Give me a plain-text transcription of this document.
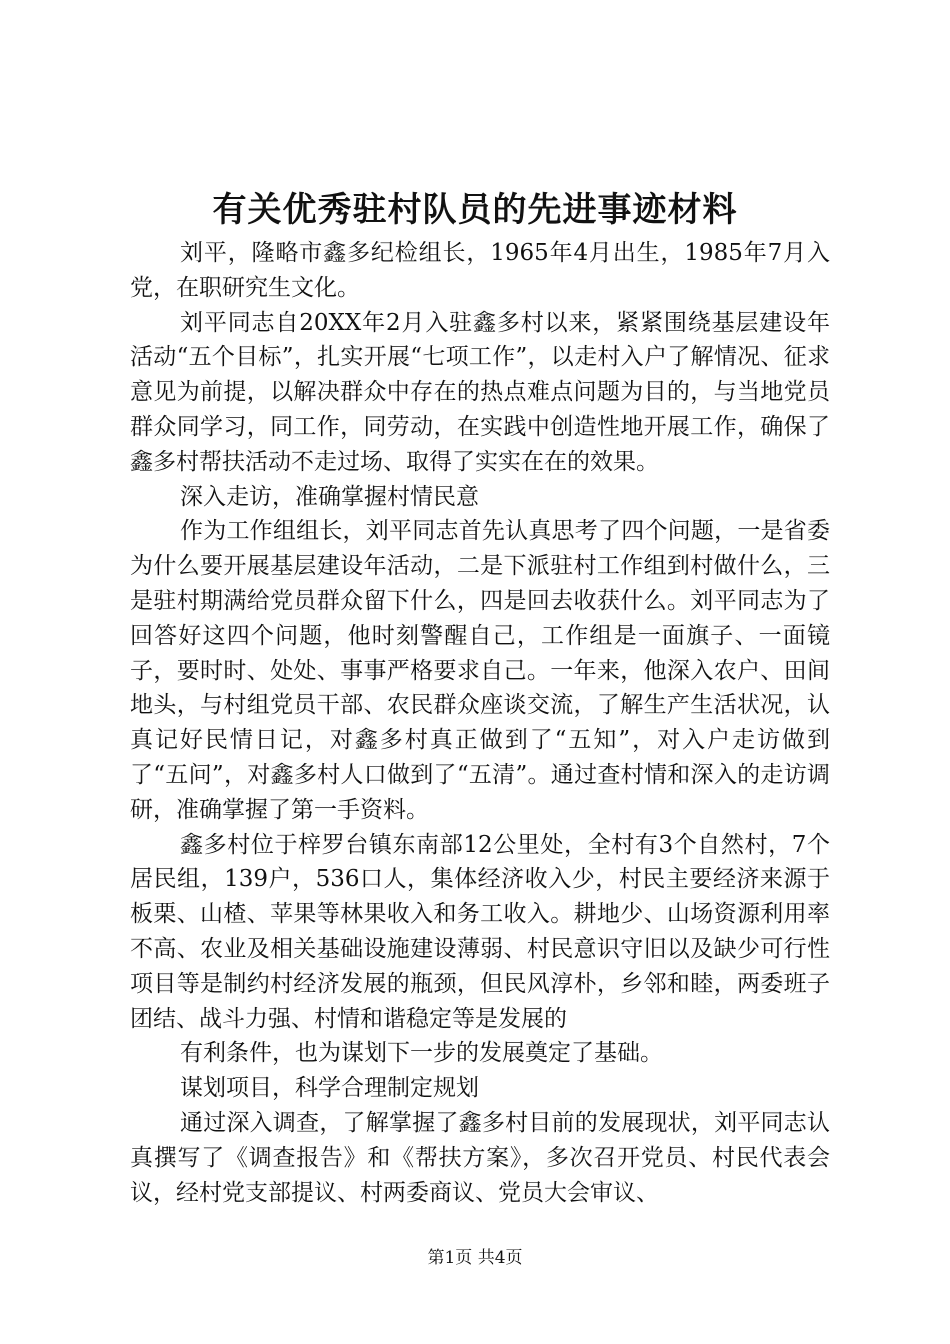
有关优秀驻村队员的先进事迹材料

刘平，隆略市鑫多纪检组长，1965年4月出生，1985年7月入党，在职研究生文化。

刘平同志自20XX年2月入驻鑫多村以来，紧紧围绕基层建设年活动“五个目标”，扎实开展“七项工作”，以走村入户了解情况、征求意见为前提，以解决群众中存在的热点难点问题为目的，与当地党员群众同学习，同工作，同劳动，在实践中创造性地开展工作，确保了鑫多村帮扶活动不走过场、取得了实实在在的效果。

深入走访，准确掌握村情民意

作为工作组组长，刘平同志首先认真思考了四个问题，一是省委为什么要开展基层建设年活动，二是下派驻村工作组到村做什么，三是驻村期满给党员群众留下什么，四是回去收获什么。刘平同志为了回答好这四个问题，他时刻警醒自己，工作组是一面旗子、一面镜子，要时时、处处、事事严格要求自己。一年来，他深入农户、田间地头，与村组党员干部、农民群众座谈交流，了解生产生活状况，认真记好民情日记，对鑫多村真正做到了“五知”，对入户走访做到了“五问”，对鑫多村人口做到了“五清”。通过查村情和深入的走访调研，准确掌握了第一手资料。

鑫多村位于梓罗台镇东南部12公里处，全村有3个自然村，7个居民组，139户，536口人，集体经济收入少，村民主要经济来源于板栗、山楂、苹果等林果收入和务工收入。耕地少、山场资源利用率不高、农业及相关基础设施建设薄弱、村民意识守旧以及缺少可行性项目等是制约村经济发展的瓶颈，但民风淳朴，乡邻和睦，两委班子团结、战斗力强、村情和谐稳定等是发展的

有利条件，也为谋划下一步的发展奠定了基础。

谋划项目，科学合理制定规划

通过深入调查，了解掌握了鑫多村目前的发展现状，刘平同志认真撰写了《调查报告》和《帮扶方案》，多次召开党员、村民代表会议，经村党支部提议、村两委商议、党员大会审议、

第1页 共4页
